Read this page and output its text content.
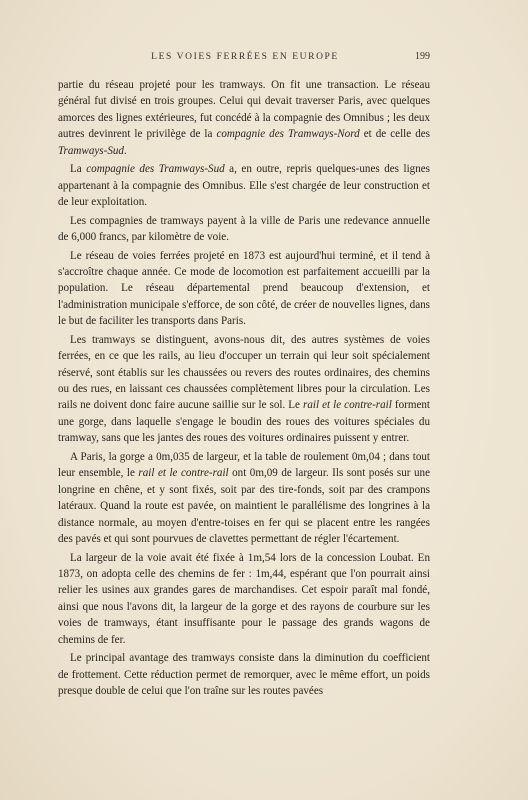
LES VOIES FERRÉES EN EUROPE	199

partie du réseau projeté pour les tramways. On fit une transaction. Le réseau général fut divisé en trois groupes. Celui qui devait traverser Paris, avec quelques amorces des lignes extérieures, fut concédé à la compagnie des Omnibus ; les deux autres devinrent le privilège de la compagnie des Tramways-Nord et de celle des Tramways-Sud.

La compagnie des Tramways-Sud a, en outre, repris quelques-unes des lignes appartenant à la compagnie des Omnibus. Elle s'est chargée de leur construction et de leur exploitation.

Les compagnies de tramways payent à la ville de Paris une redevance annuelle de 6,000 francs, par kilomètre de voie.

Le réseau de voies ferrées projeté en 1873 est aujourd'hui terminé, et il tend à s'accroître chaque année. Ce mode de locomotion est parfaitement accueilli par la population. Le réseau départemental prend beaucoup d'extension, et l'administration municipale s'efforce, de son côté, de créer de nouvelles lignes, dans le but de faciliter les transports dans Paris.

Les tramways se distinguent, avons-nous dit, des autres systèmes de voies ferrées, en ce que les rails, au lieu d'occuper un terrain qui leur soit spécialement réservé, sont établis sur les chaussées ou revers des routes ordinaires, des chemins ou des rues, en laissant ces chaussées complètement libres pour la circulation. Les rails ne doivent donc faire aucune saillie sur le sol. Le rail et le contre-rail forment une gorge, dans laquelle s'engage le boudin des roues des voitures spéciales du tramway, sans que les jantes des roues des voitures ordinaires puissent y entrer.

A Paris, la gorge a 0m,035 de largeur, et la table de roulement 0m,04 ; dans tout leur ensemble, le rail et le contre-rail ont 0m,09 de largeur. Ils sont posés sur une longrine en chêne, et y sont fixés, soit par des tire-fonds, soit par des crampons latéraux. Quand la route est pavée, on maintient le parallélisme des longrines à la distance normale, au moyen d'entre-toises en fer qui se placent entre les rangées des pavés et qui sont pourvues de clavettes permettant de régler l'écartement.

La largeur de la voie avait été fixée à 1m,54 lors de la concession Loubat. En 1873, on adopta celle des chemins de fer : 1m,44, espérant que l'on pourrait ainsi relier les usines aux grandes gares de marchandises. Cet espoir paraît mal fondé, ainsi que nous l'avons dit, la largeur de la gorge et des rayons de courbure sur les voies de tramways, étant insuffisante pour le passage des grands wagons de chemins de fer.

Le principal avantage des tramways consiste dans la diminution du coefficient de frottement. Cette réduction permet de remorquer, avec le même effort, un poids presque double de celui que l'on traîne sur les routes pavées
